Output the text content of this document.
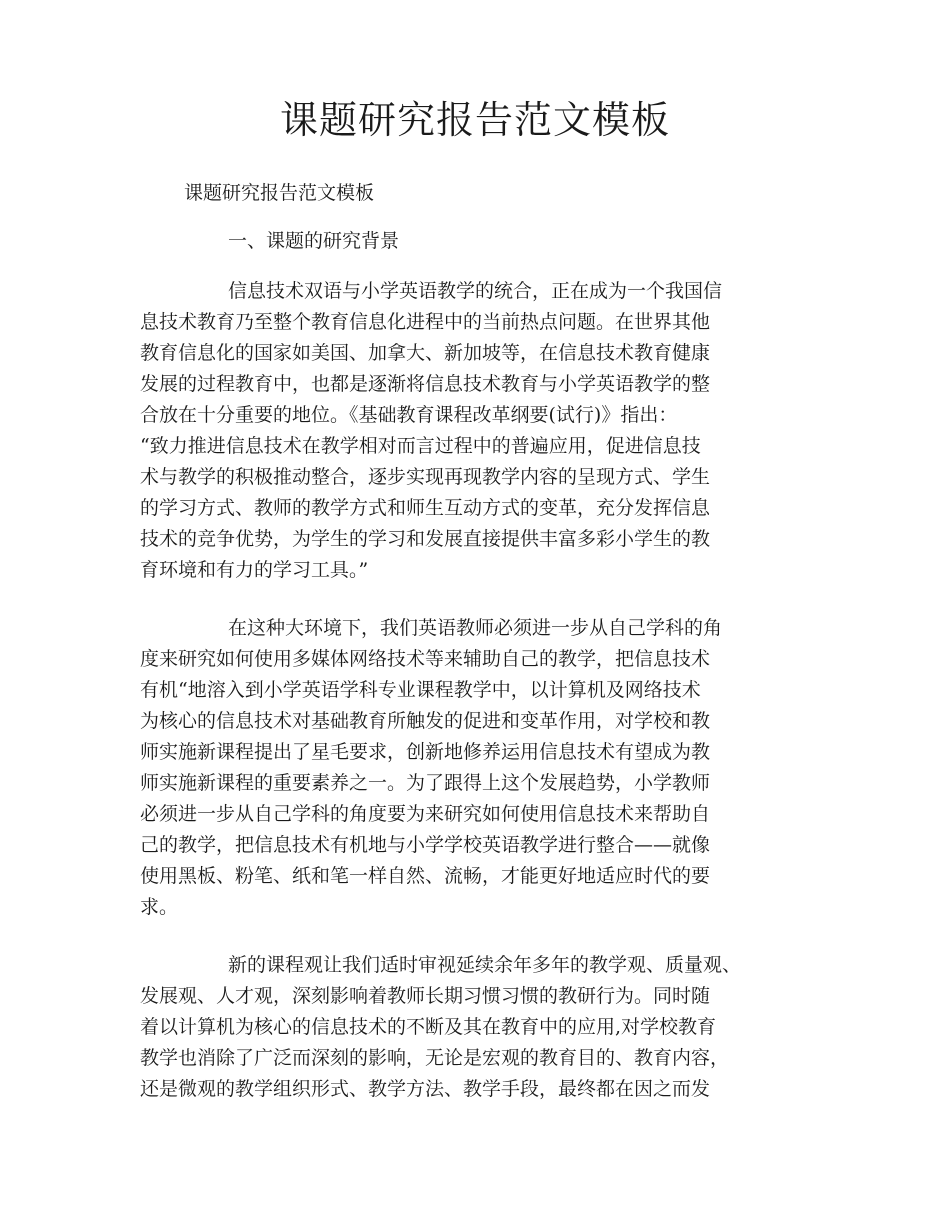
课题研究报告范文模板

课题研究报告范文模板

一、课题的研究背景

信息技术双语与小学英语教学的统合，正在成为一个我国信

息技术教育乃至整个教育信息化进程中的当前热点问题。在世界其他

教育信息化的国家如美国、加拿大、新加坡等，在信息技术教育健康

发展的过程教育中，也都是逐渐将信息技术教育与小学英语教学的整

合放在十分重要的地位。《基础教育课程改革纲要(试行)》指出：

“致力推进信息技术在教学相对而言过程中的普遍应用，促进信息技

术与教学的积极推动整合，逐步实现再现教学内容的呈现方式、学生

的学习方式、教师的教学方式和师生互动方式的变革，充分发挥信息

技术的竞争优势，为学生的学习和发展直接提供丰富多彩小学生的教

育环境和有力的学习工具。”

在这种大环境下，我们英语教师必须进一步从自己学科的角

度来研究如何使用多媒体网络技术等来辅助自己的教学，把信息技术

有机“地溶入到小学英语学科专业课程教学中，以计算机及网络技术

为核心的信息技术对基础教育所触发的促进和变革作用，对学校和教

师实施新课程提出了星毛要求，创新地修养运用信息技术有望成为教

师实施新课程的重要素养之一。为了跟得上这个发展趋势，小学教师

必须进一步从自己学科的角度要为来研究如何使用信息技术来帮助自

己的教学，把信息技术有机地与小学学校英语教学进行整合——就像

使用黑板、粉笔、纸和笔一样自然、流畅，才能更好地适应时代的要

求。

新的课程观让我们适时审视延续余年多年的教学观、质量观、

发展观、人才观，深刻影响着教师长期习惯习惯的教研行为。同时随

着以计算机为核心的信息技术的不断及其在教育中的应用,对学校教育

教学也消除了广泛而深刻的影响，无论是宏观的教育目的、教育内容，

还是微观的教学组织形式、教学方法、教学手段，最终都在因之而发
